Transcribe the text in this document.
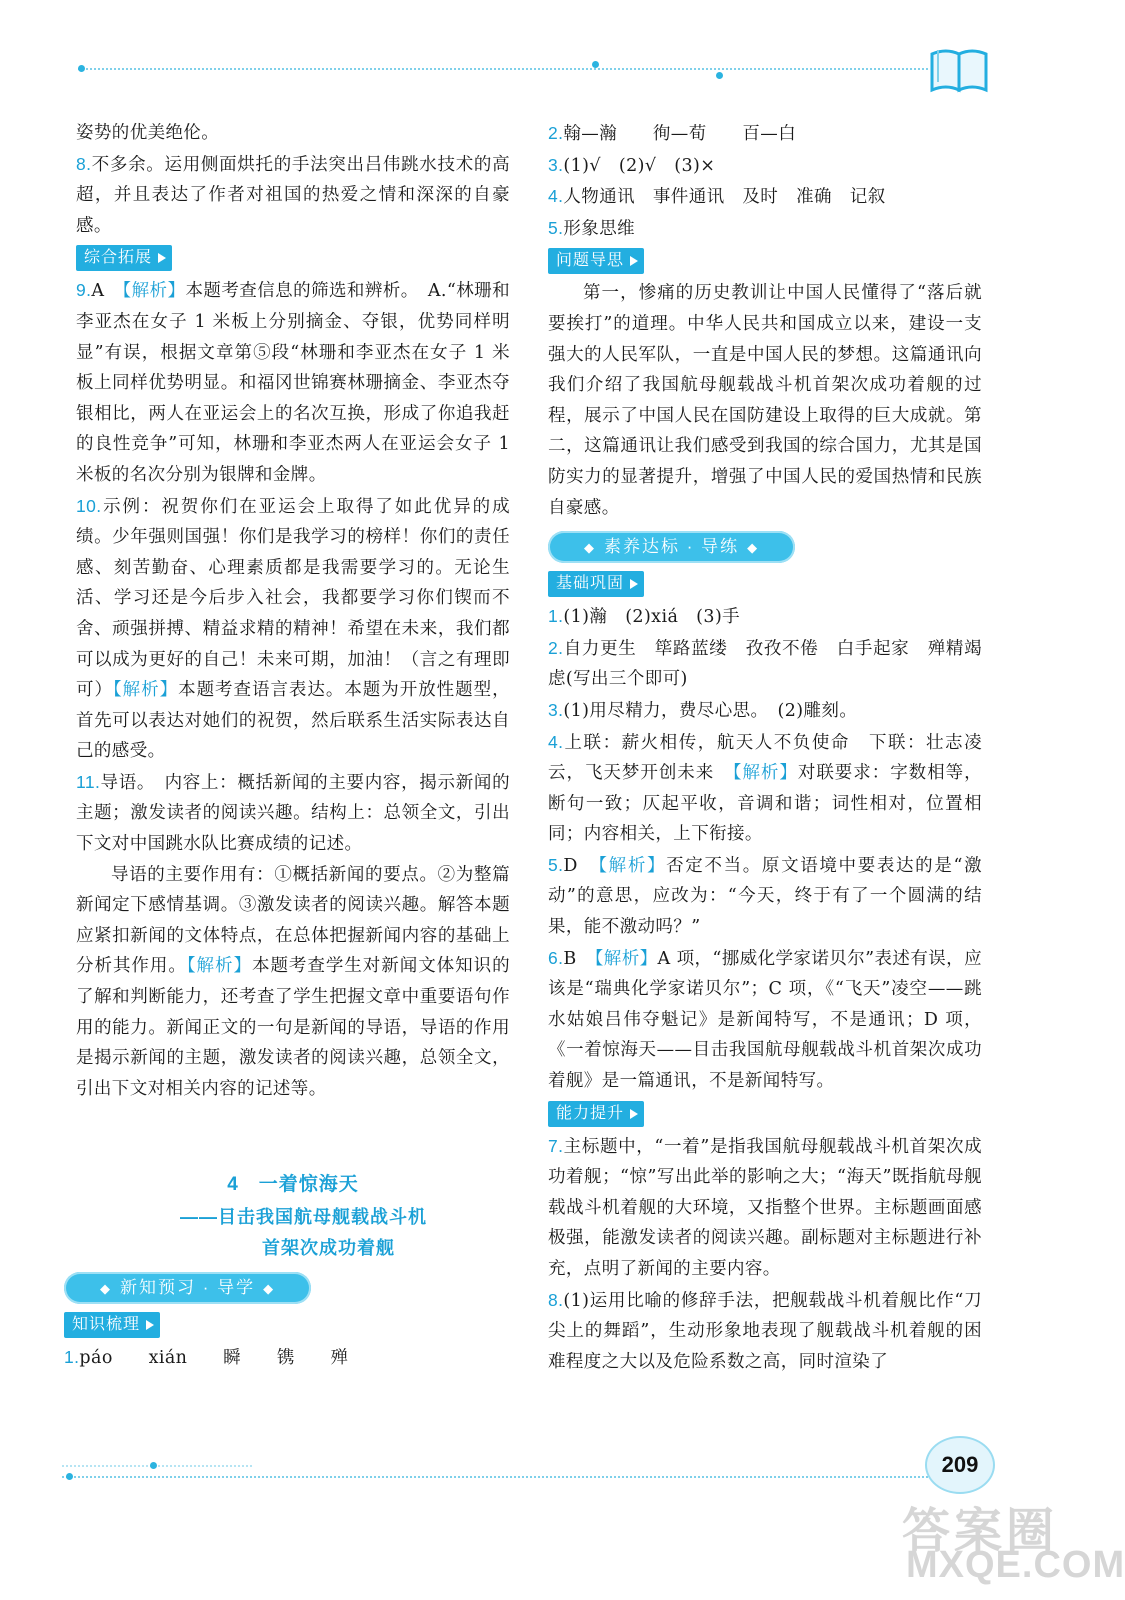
姿势的优美绝伦。

8.不多余。运用侧面烘托的手法突出吕伟跳水技术的高超，并且表达了作者对祖国的热爱之情和深深的自豪感。

综合拓展

9.A　【解析】本题考查信息的筛选和辨析。　A.“林珊和李亚杰在女子 1 米板上分别摘金、夺银，优势同样明显”有误，根据文章第⑤段“林珊和李亚杰在女子 1 米板上同样优势明显。和福冈世锦赛林珊摘金、李亚杰夺银相比，两人在亚运会上的名次互换，形成了你追我赶的良性竞争”可知，林珊和李亚杰两人在亚运会女子 1 米板的名次分别为银牌和金牌。

10.示例：祝贺你们在亚运会上取得了如此优异的成绩。少年强则国强！你们是我学习的榜样！你们的责任感、刻苦勤奋、心理素质都是我需要学习的。无论生活、学习还是今后步入社会，我都要学习你们锲而不舍、顽强拼搏、精益求精的精神！希望在未来，我们都可以成为更好的自己！未来可期，加油！（言之有理即可）【解析】本题考查语言表达。本题为开放性题型，首先可以表达对她们的祝贺，然后联系生活实际表达自己的感受。

11.导语。　内容上：概括新闻的主要内容，揭示新闻的主题；激发读者的阅读兴趣。结构上：总领全文，引出下文对中国跳水队比赛成绩的记述。

导语的主要作用有：①概括新闻的要点。②为整篇新闻定下感情基调。③激发读者的阅读兴趣。解答本题应紧扣新闻的文体特点，在总体把握新闻内容的基础上分析其作用。【解析】本题考查学生对新闻文体知识的了解和判断能力，还考查了学生把握文章中重要语句作用的能力。新闻正文的一句是新闻的导语，导语的作用是揭示新闻的主题，激发读者的阅读兴趣，总领全文，引出下文对相关内容的记述等。

4　 一着惊海天
——目击我国航母舰载战斗机
首架次成功着舰
◆ 新知预习 · 导学 ◆
知识梳理

1.páo　　xián　　瞬　　镌　　殚

2.翰—瀚　　徇—荀　　百—白

3.(1)√　(2)√　(3)×

4.人物通讯　事件通讯　及时　准确　记叙

5.形象思维

问题导思

第一，惨痛的历史教训让中国人民懂得了“落后就要挨打”的道理。中华人民共和国成立以来，建设一支强大的人民军队，一直是中国人民的梦想。这篇通讯向我们介绍了我国航母舰载战斗机首架次成功着舰的过程，展示了中国人民在国防建设上取得的巨大成就。第二，这篇通讯让我们感受到我国的综合国力，尤其是国防实力的显著提升，增强了中国人民的爱国热情和民族自豪感。

◆ 素养达标 · 导练 ◆
基础巩固

1.(1)瀚　(2)xiá　(3)手

2.自力更生　筚路蓝缕　孜孜不倦　白手起家　殚精竭虑(写出三个即可)

3.(1)用尽精力，费尽心思。　(2)雕刻。

4.上联：薪火相传，航天人不负使命　下联：壮志凌云，飞天梦开创未来　【解析】对联要求：字数相等，断句一致；仄起平收，音调和谐；词性相对，位置相同；内容相关，上下衔接。

5.D　【解析】否定不当。原文语境中要表达的是“激动”的意思，应改为：“今天，终于有了一个圆满的结果，能不激动吗？”

6.B　【解析】A 项，“挪威化学家诺贝尔”表述有误，应该是“瑞典化学家诺贝尔”；C 项，《“飞天”凌空——跳水姑娘吕伟夺魁记》是新闻特写，不是通讯；D 项，《一着惊海天——目击我国航母舰载战斗机首架次成功着舰》是一篇通讯，不是新闻特写。

能力提升

7.主标题中，“一着”是指我国航母舰载战斗机首架次成功着舰；“惊”写出此举的影响之大；“海天”既指航母舰载战斗机着舰的大环境，又指整个世界。主标题画面感极强，能激发读者的阅读兴趣。副标题对主标题进行补充，点明了新闻的主要内容。

8.(1)运用比喻的修辞手法，把舰载战斗机着舰比作“刀尖上的舞蹈”，生动形象地表现了舰载战斗机着舰的困难程度之大以及危险系数之高，同时渲染了

209
答案圈
MXQE.COM
